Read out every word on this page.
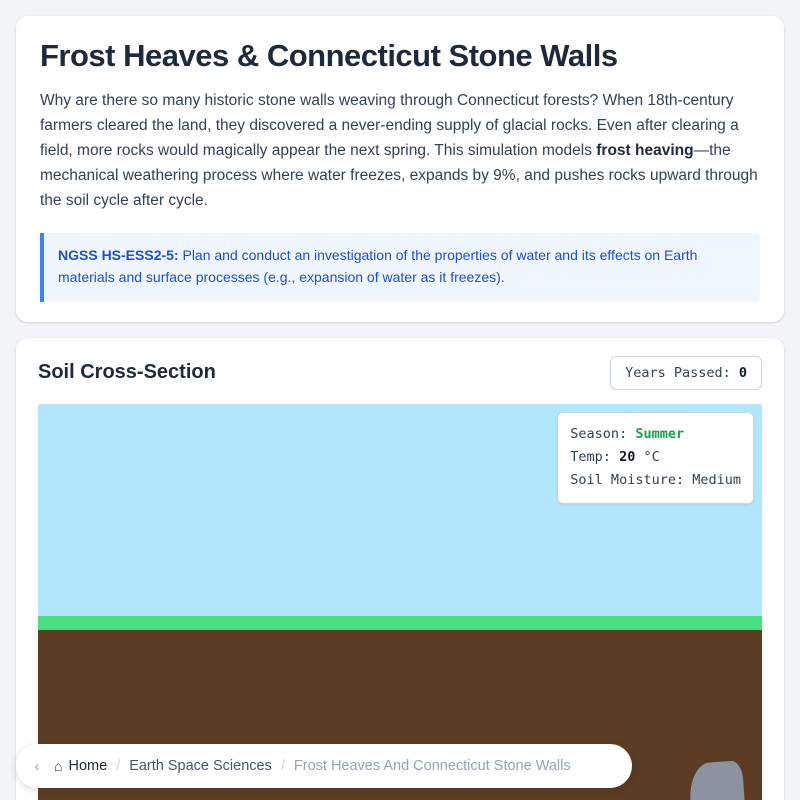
Frost Heaves & Connecticut Stone Walls

Why are there so many historic stone walls weaving through Connecticut forests? When 18th-century farmers cleared the land, they discovered a never-ending supply of glacial rocks. Even after clearing a field, more rocks would magically appear the next spring. This simulation models frost heaving—the mechanical weathering process where water freezes, expands by 9%, and pushes rocks upward through the soil cycle after cycle.

NGSS HS-ESS2-5: Plan and conduct an investigation of the properties of water and its effects on Earth materials and surface processes (e.g., expansion of water as it freezes).

Soil Cross-Section	Years Passed: 0
Season: Summer
Temp: 20 °C
Soil Moisture: Medium
‹	⌂ Home / Earth Space Sciences / Frost Heaves And Connecticut Stone Walls
